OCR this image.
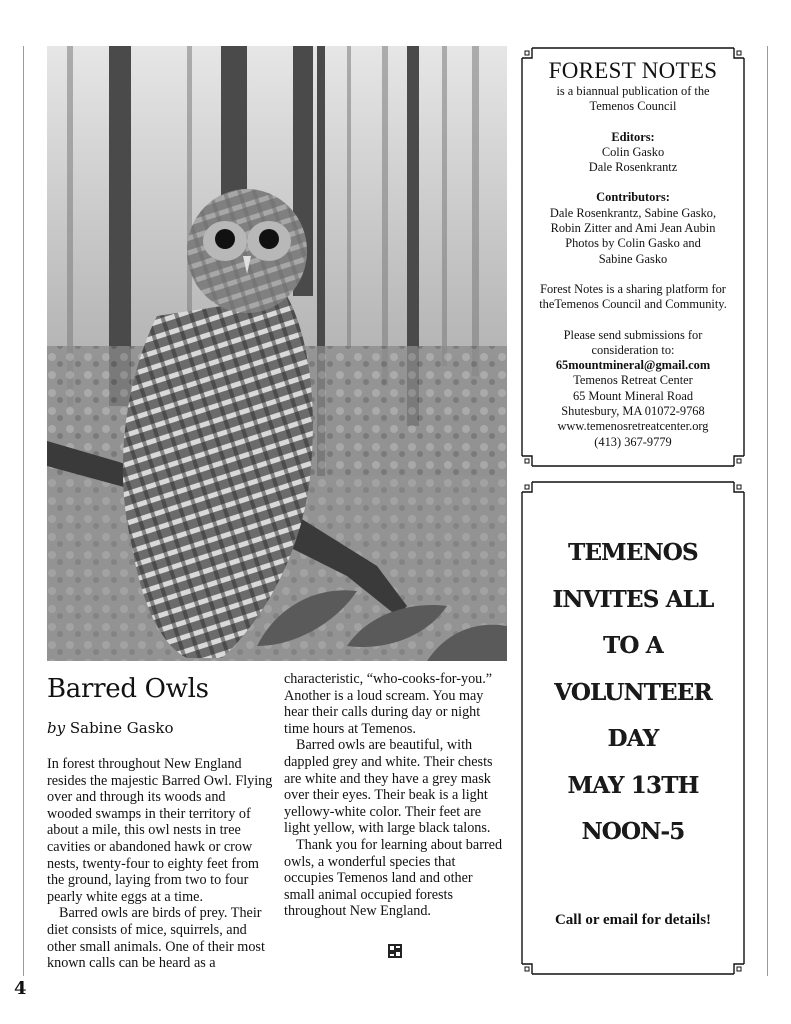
Barred Owls
by Sabine Gasko

In forest throughout New England resides the majestic Barred Owl. Flying over and through its woods and wooded swamps in their territory of about a mile, this owl nests in tree cavities or abandoned hawk or crow nests, twenty-four to eighty feet from the ground, laying from two to four pearly white eggs at a time.

Barred owls are birds of prey. Their diet consists of mice, squirrels, and other small animals. One of their most known calls can be heard as a

characteristic, “who-cooks-for-you.” Another is a loud scream. You may hear their calls during day or night time hours at Temenos.

Barred owls are beautiful, with dappled grey and white. Their chests are white and they have a grey mask over their eyes. Their beak is a light yellowy-white color. Their feet are light yellow, with large black talons.

Thank you for learning about barred owls, a wonderful species that occupies Temenos land and other small animal occupied forests throughout New England.

4
FOREST NOTES
is a biannual publication of the
Temenos Council
Editors:
Colin Gasko
Dale Rosenkrantz
Contributors:
Dale Rosenkrantz, Sabine Gasko,
Robin Zitter and Ami Jean Aubin
Photos by Colin Gasko and
Sabine Gasko
Forest Notes is a sharing platform for
theTemenos Council and Community.
Please send submissions for
consideration to:
65mountmineral@gmail.com
Temenos Retreat Center
65 Mount Mineral Road
Shutesbury, MA 01072-9768
www.temenosretreatcenter.org
(413) 367-9779
TEMENOS
INVITES ALL
TO A
VOLUNTEER
DAY
MAY 13TH
NOON-5
Call or email for details!
